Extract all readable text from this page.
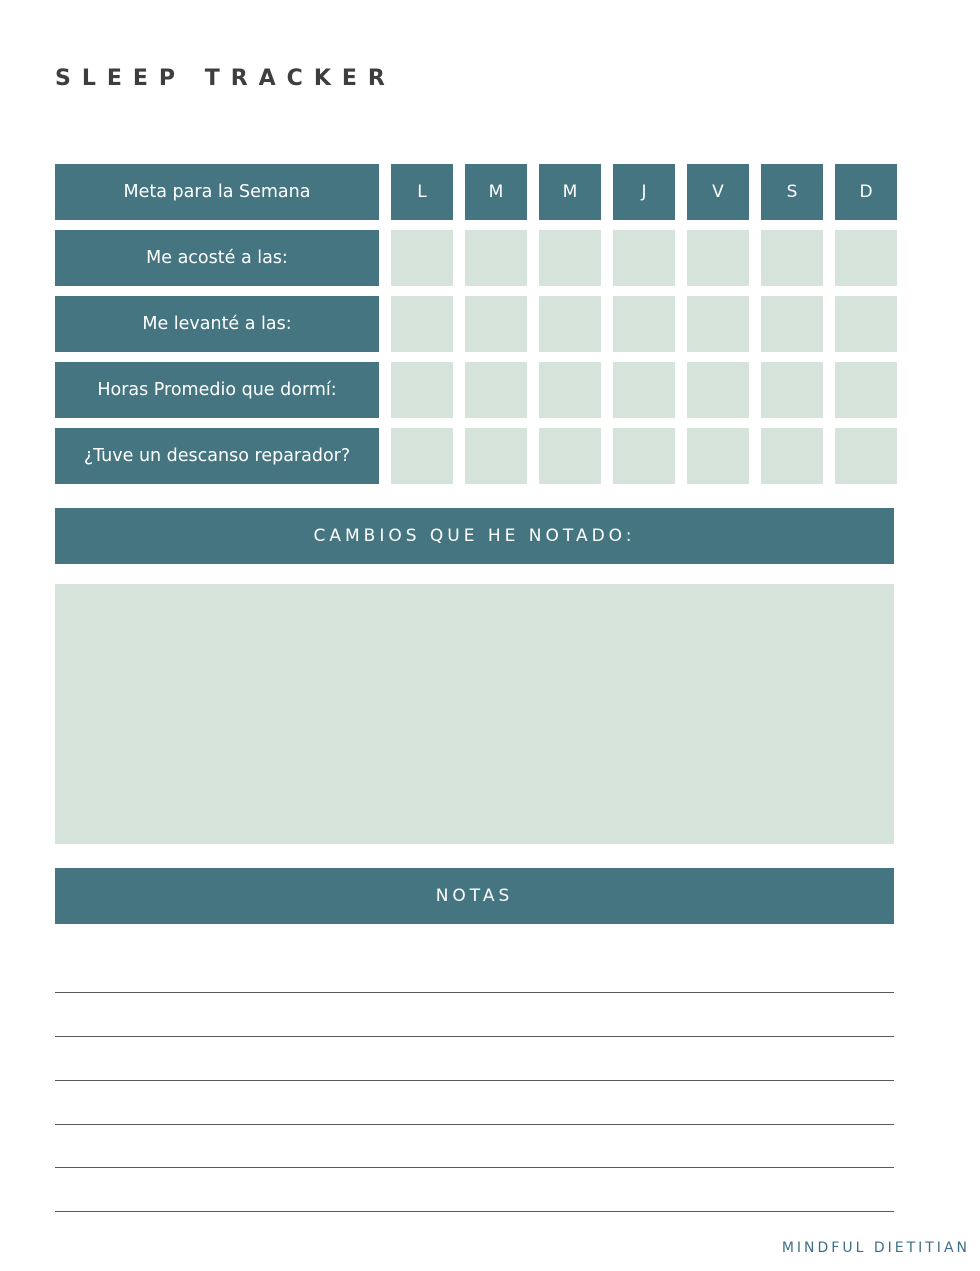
SLEEP TRACKER
Meta para la Semana	L	M	M	J	V	S	D
Me acosté a las:
Me levanté a las:
Horas Promedio que dormí:
¿Tuve un descanso reparador?
CAMBIOS QUE HE NOTADO:
NOTAS
MINDFUL DIETITIAN
